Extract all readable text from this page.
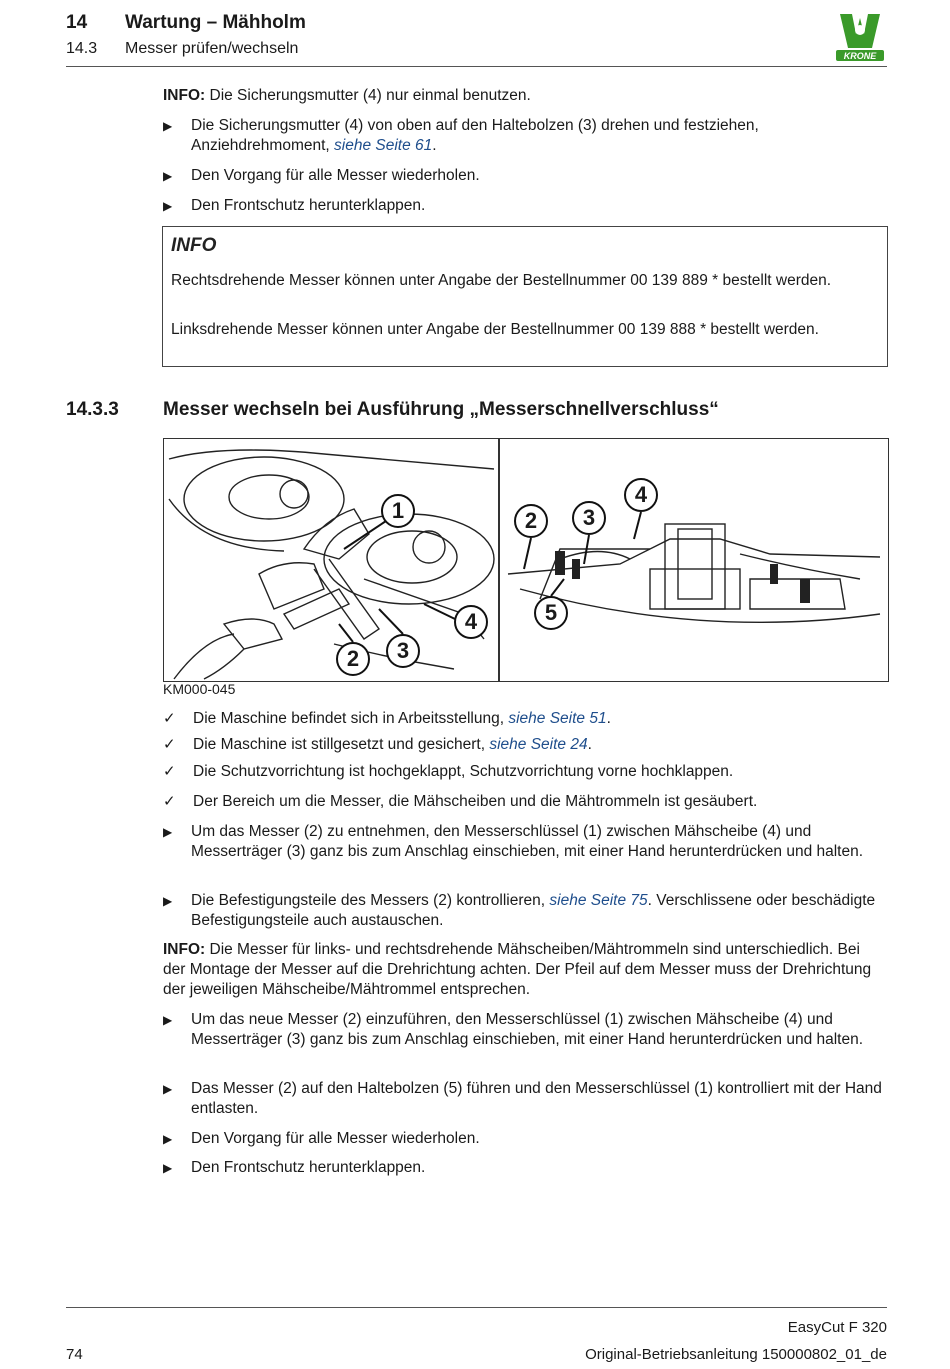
14 Wartung – Mähholm
14.3 Messer prüfen/wechseln	KRONE
INFO: Die Sicherungsmutter (4) nur einmal benutzen.
▶ Die Sicherungsmutter (4) von oben auf den Haltebolzen (3) drehen und festziehen, Anziehdrehmoment, siehe Seite 61.
▶ Den Vorgang für alle Messer wiederholen.
▶ Den Frontschutz herunterklappen.
INFO
Rechtsdrehende Messer können unter Angabe der Bestellnummer 00 139 889 * bestellt werden.
Linksdrehende Messer können unter Angabe der Bestellnummer 00 139 888 * bestellt werden.
14.3.3 Messer wechseln bei Ausführung „Messerschnellverschluss“
1
2	3
4
2	3
4
5
KM000-045
✓ Die Maschine befindet sich in Arbeitsstellung, siehe Seite 51.
✓ Die Maschine ist stillgesetzt und gesichert, siehe Seite 24.
✓ Die Schutzvorrichtung ist hochgeklappt, Schutzvorrichtung vorne hochklappen.
✓ Der Bereich um die Messer, die Mähscheiben und die Mähtrommeln ist gesäubert.
▶ Um das Messer (2) zu entnehmen, den Messerschlüssel (1) zwischen Mähscheibe (4) und Messerträger (3) ganz bis zum Anschlag einschieben, mit einer Hand herunterdrücken und halten.
▶ Die Befestigungsteile des Messers (2) kontrollieren, siehe Seite 75. Verschlissene oder beschädigte Befestigungsteile auch austauschen.
INFO: Die Messer für links- und rechtsdrehende Mähscheiben/Mähtrommeln sind unterschiedlich. Bei der Montage der Messer auf die Drehrichtung achten. Der Pfeil auf dem Messer muss der Drehrichtung der jeweiligen Mähscheibe/Mähtrommel entsprechen.
▶ Um das neue Messer (2) einzuführen, den Messerschlüssel (1) zwischen Mähscheibe (4) und Messerträger (3) ganz bis zum Anschlag einschieben, mit einer Hand herunterdrücken und halten.
▶ Das Messer (2) auf den Haltebolzen (5) führen und den Messerschlüssel (1) kontrolliert mit der Hand entlasten.
▶ Den Vorgang für alle Messer wiederholen.
▶ Den Frontschutz herunterklappen.
EasyCut F 320
74	Original-Betriebsanleitung 150000802_01_de
